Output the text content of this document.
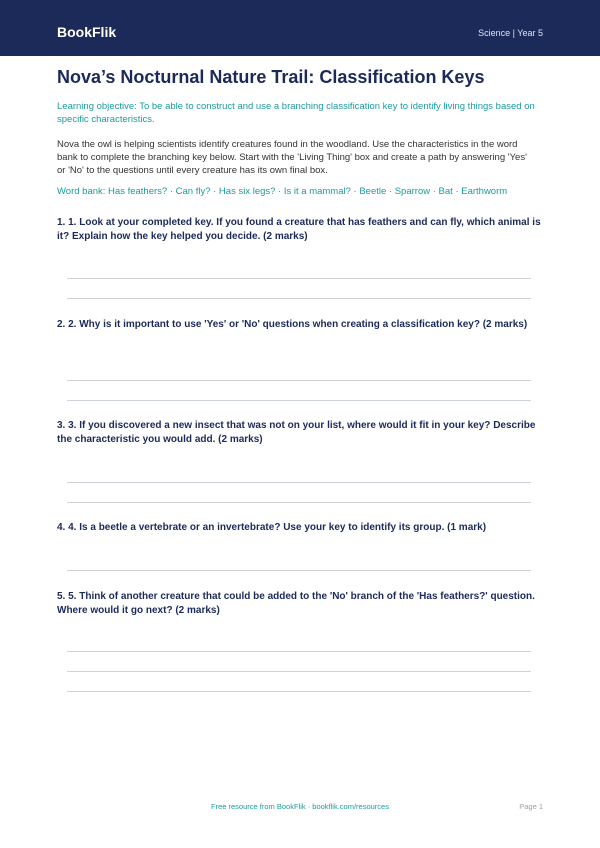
BookFlik	Science | Year 5
Nova’s Nocturnal Nature Trail: Classification Keys

Learning objective: To be able to construct and use a branching classification key to identify living things based on specific characteristics.

Nova the owl is helping scientists identify creatures found in the woodland. Use the characteristics in the word bank to complete the branching key below. Start with the 'Living Thing' box and create a path by answering 'Yes' or 'No' to the questions until every creature has its own final box.

Word bank: Has feathers? · Can fly? · Has six legs? · Is it a mammal? · Beetle · Sparrow · Bat · Earthworm

1. 1. Look at your completed key. If you found a creature that has feathers and can fly, which animal is it? Explain how the key helped you decide. (2 marks)

2. 2. Why is it important to use 'Yes' or 'No' questions when creating a classification key? (2 marks)

3. 3. If you discovered a new insect that was not on your list, where would it fit in your key? Describe the characteristic you would add. (2 marks)

4. 4. Is a beetle a vertebrate or an invertebrate? Use your key to identify its group. (1 mark)

5. 5. Think of another creature that could be added to the 'No' branch of the 'Has feathers?' question. Where would it go next? (2 marks)

Free resource from BookFlik · bookflik.com/resources	Page 1
